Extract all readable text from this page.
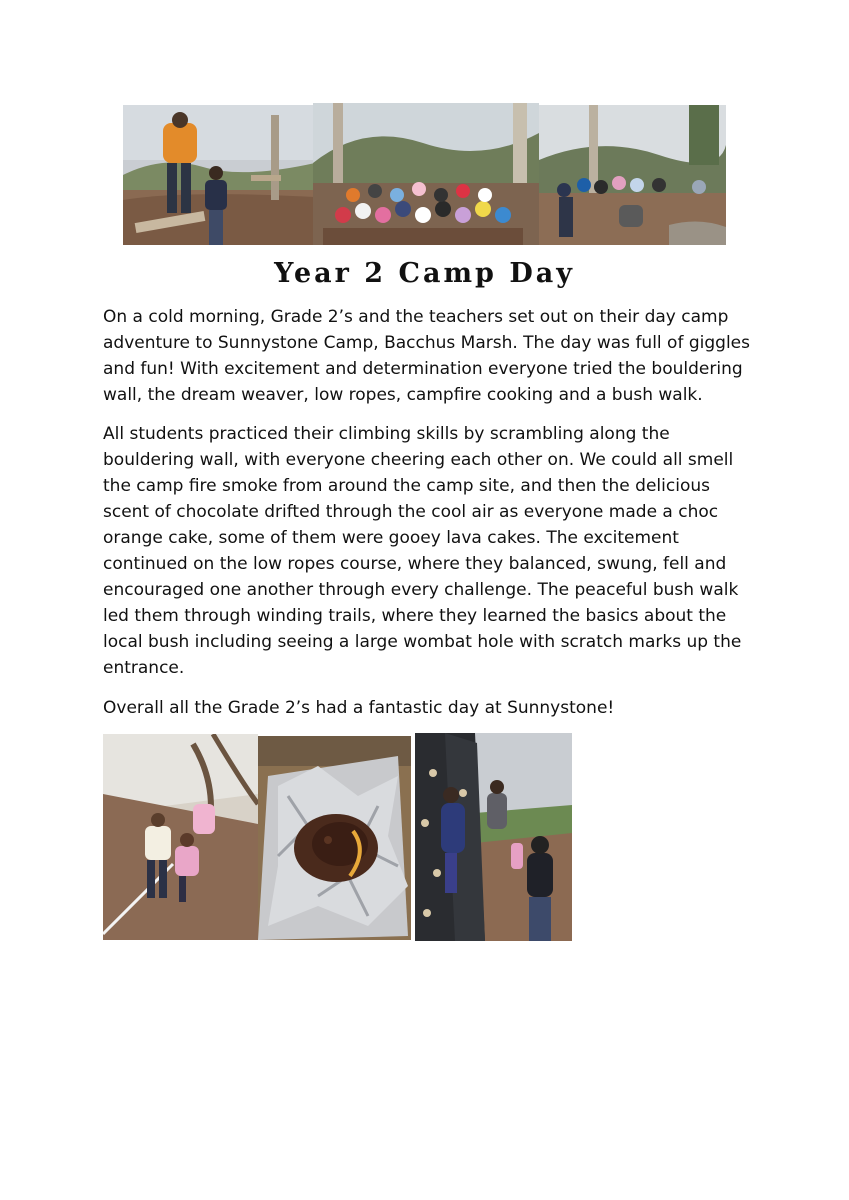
Year 2 Camp Day

On a cold morning, Grade 2’s and the teachers set out on their day camp
adventure to Sunnystone Camp, Bacchus Marsh. The day was full of giggles
and fun! With excitement and determination everyone tried the bouldering
wall, the dream weaver, low ropes, campfire cooking and a bush walk.

All students practiced their climbing skills by scrambling along the
bouldering wall, with everyone cheering each other on. We could all smell
the camp fire smoke from around the camp site, and then the delicious
scent of chocolate drifted through the cool air as everyone made a choc
orange cake, some of them were gooey lava cakes. The excitement
continued on the low ropes course, where they balanced, swung, fell and
encouraged one another through every challenge. The peaceful bush walk
led them through winding trails, where they learned the basics about the
local bush including seeing a large wombat hole with scratch marks up the
entrance.

Overall all the Grade 2’s had a fantastic day at Sunnystone!
